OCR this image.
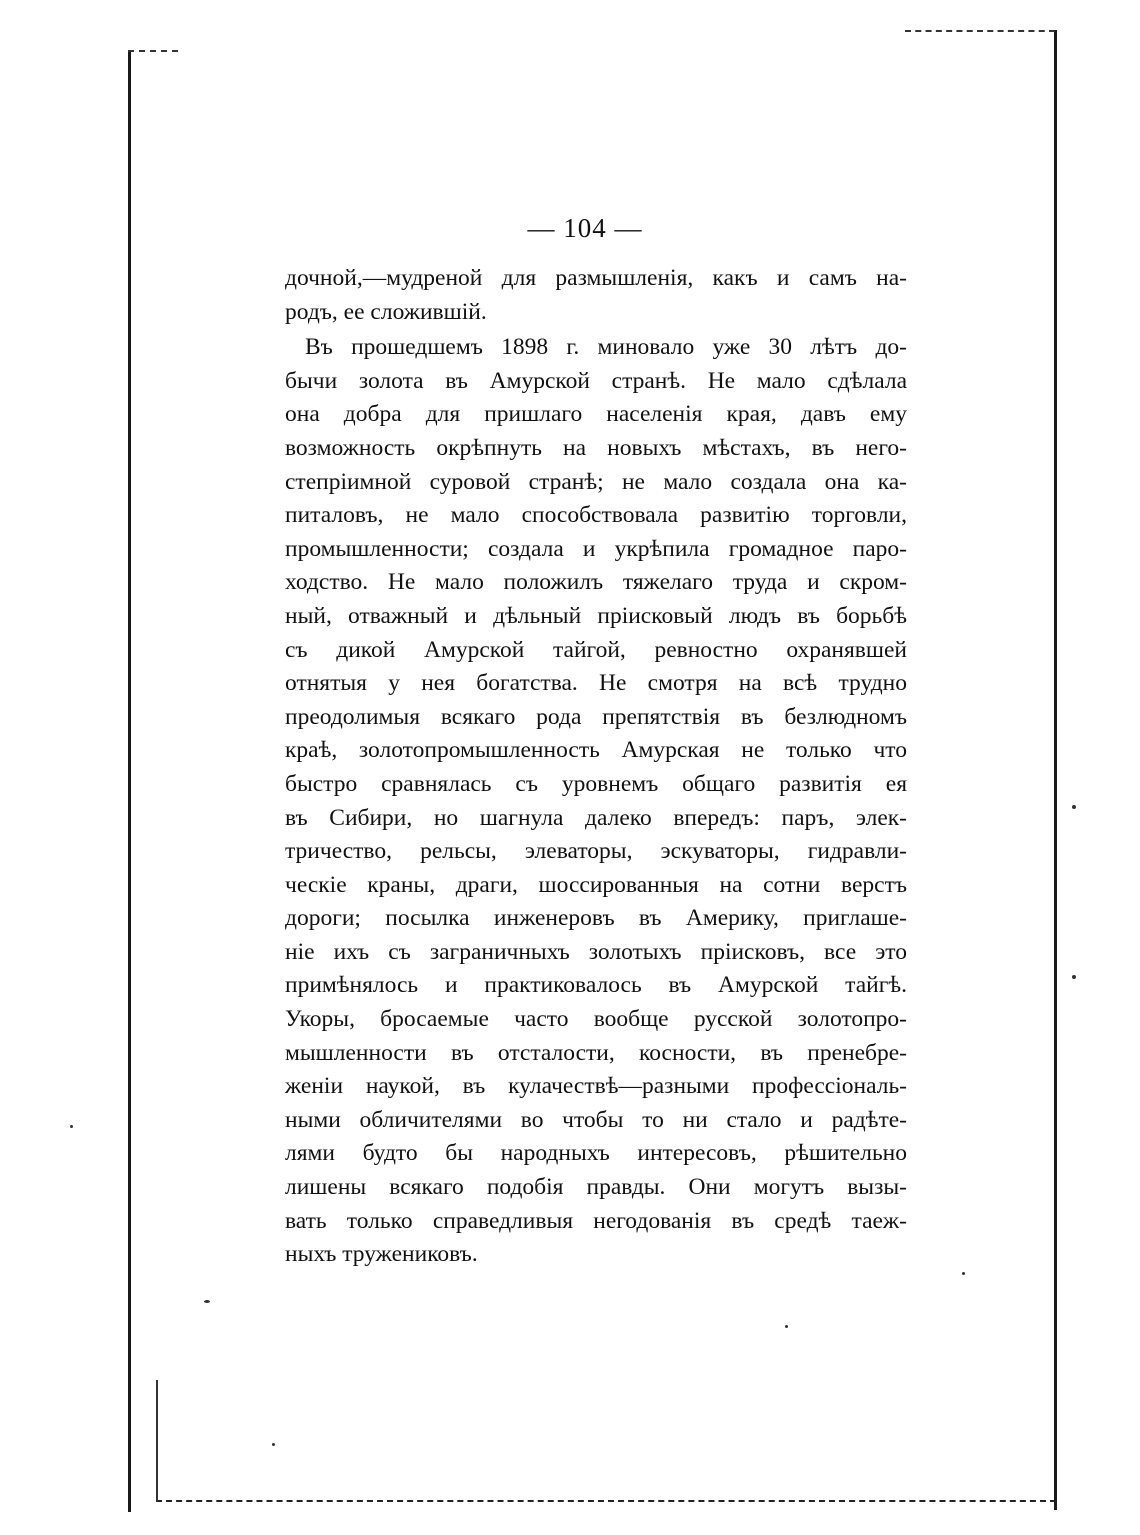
— 104 —
дочной,—мудреной для размышленія, какъ и самъ на-
родъ, ее сложившій.
Въ прошедшемъ 1898 г. миновало уже 30 лѣтъ до-
бычи золота въ Амурской странѣ. Не мало сдѣлала
она добра для пришлаго населенія края, давъ ему
возможность окрѣпнуть на новыхъ мѣстахъ, въ него-
степріимной суровой странѣ; не мало создала она ка-
питаловъ, не мало способствовала развитію торговли,
промышленности; создала и укрѣпила громадное паро-
ходство. Не мало положилъ тяжелаго труда и скром-
ный, отважный и дѣльный пріисковый людъ въ борьбѣ
съ дикой Амурской тайгой, ревностно охранявшей
отнятыя у нея богатства. Не смотря на всѣ трудно
преодолимыя всякаго рода препятствія въ безлюдномъ
краѣ, золотопромышленность Амурская не только что
быстро сравнялась съ уровнемъ общаго развитія ея
въ Сибири, но шагнула далеко впередъ: паръ, элек-
тричество, рельсы, элеваторы, эскуваторы, гидравли-
ческіе краны, драги, шоссированныя на сотни верстъ
дороги; посылка инженеровъ въ Америку, приглаше-
ніе ихъ съ заграничныхъ золотыхъ пріисковъ, все это
примѣнялось и практиковалось въ Амурской тайгѣ.
Укоры, бросаемые часто вообще русской золотопро-
мышленности въ отсталости, косности, въ пренебре-
женіи наукой, въ кулачествѣ—разными профессіональ-
ными обличителями во чтобы то ни стало и радѣте-
лями будто бы народныхъ интересовъ, рѣшительно
лишены всякаго подобія правды. Они могутъ вызы-
вать только справедливыя негодованія въ средѣ таеж-
ныхъ тружениковъ.
